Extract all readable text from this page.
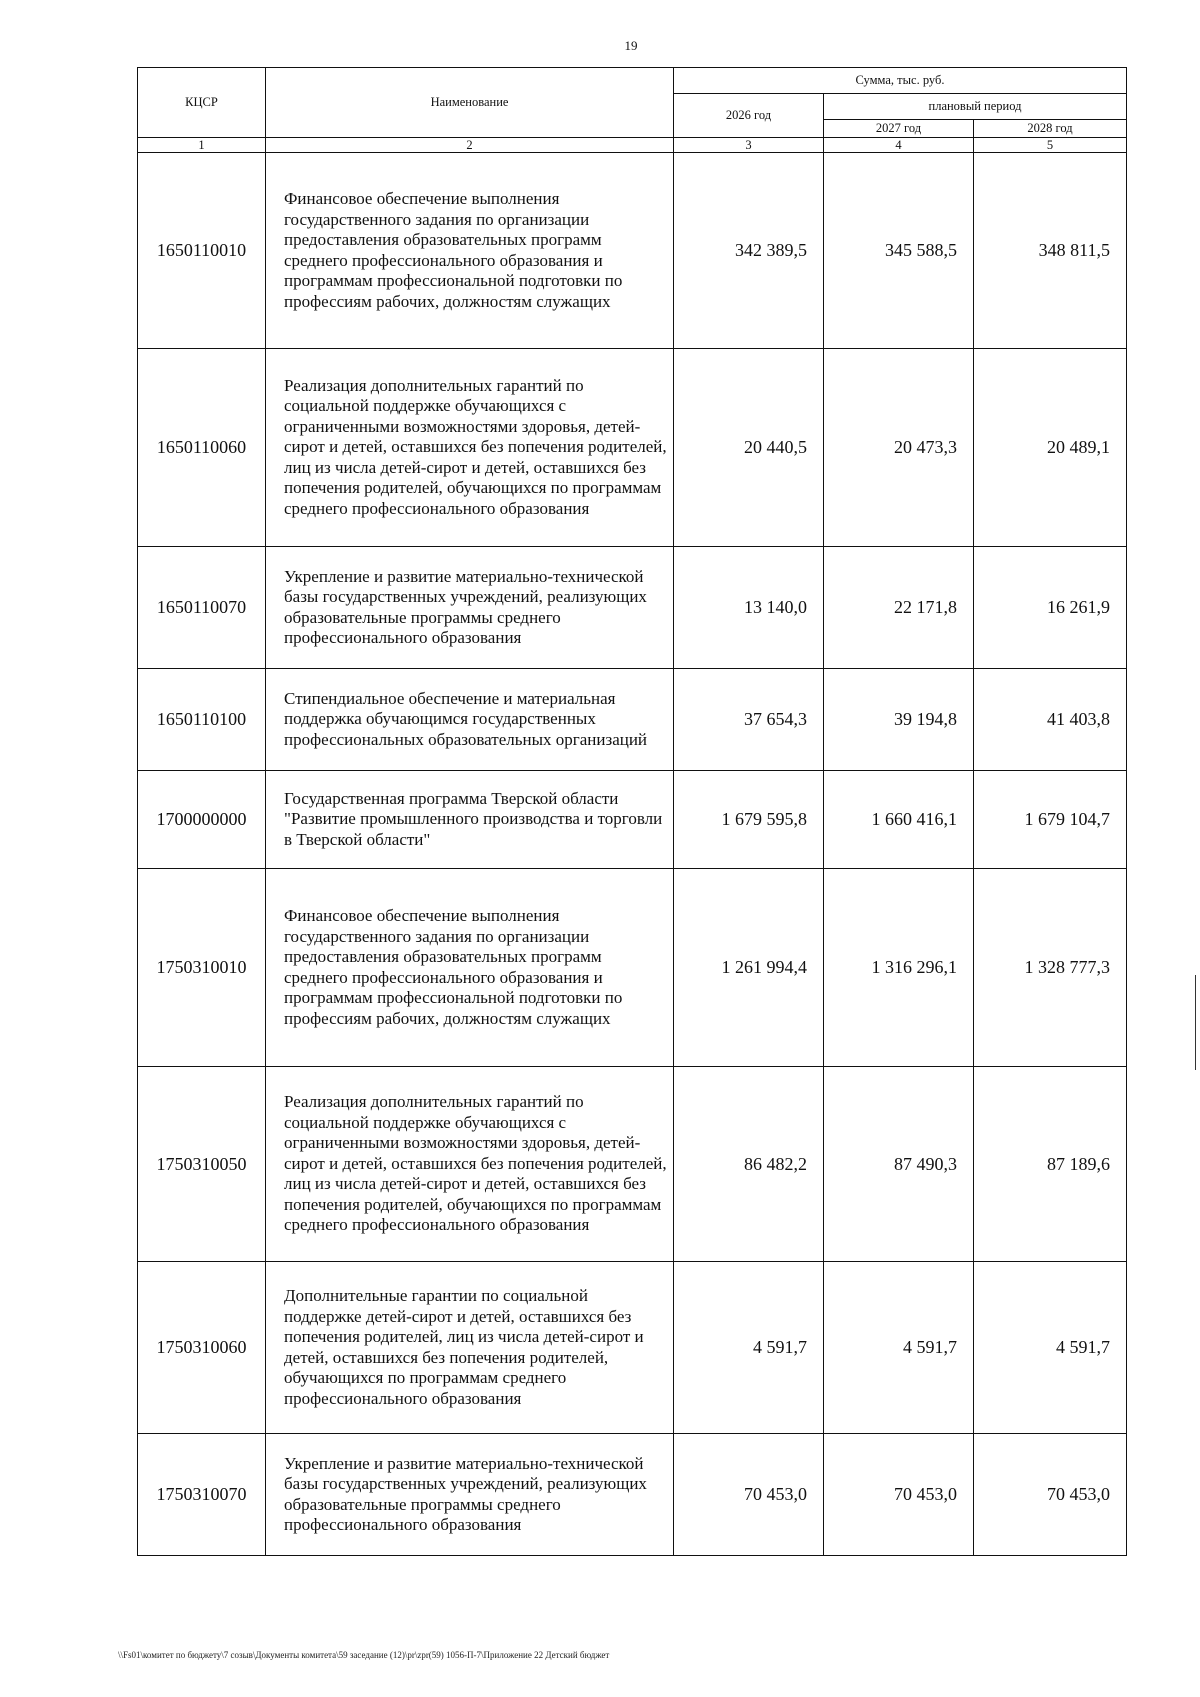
19
КЦСР	Наименование	Сумма, тыс. руб.		
		2026 год	плановый период	
			2027 год	2028 год
1	2	3	4	5
1650110010	Финансовое обеспечение выполнения государственного задания по организации предоставления образовательных программ среднего профессионального образования и программам профессиональной подготовки по профессиям рабочих, должностям служащих	342 389,5	345 588,5	348 811,5
1650110060	Реализация дополнительных гарантий по социальной поддержке обучающихся с ограниченными возможностями здоровья, детей-сирот и детей, оставшихся без попечения родителей, лиц из числа детей-сирот и детей, оставшихся без попечения родителей, обучающихся по программам среднего профессионального образования	20 440,5	20 473,3	20 489,1
1650110070	Укрепление и развитие материально-технической базы государственных учреждений, реализующих образовательные программы среднего профессионального образования	13 140,0	22 171,8	16 261,9
1650110100	Стипендиальное обеспечение и материальная поддержка обучающимся государственных профессиональных образовательных организаций	37 654,3	39 194,8	41 403,8
1700000000	Государственная программа Тверской области "Развитие промышленного производства и торговли в Тверской области"	1 679 595,8	1 660 416,1	1 679 104,7
1750310010	Финансовое обеспечение выполнения государственного задания по организации предоставления образовательных программ среднего профессионального образования и программам профессиональной подготовки по профессиям рабочих, должностям служащих	1 261 994,4	1 316 296,1	1 328 777,3
1750310050	Реализация дополнительных гарантий по социальной поддержке обучающихся с ограниченными возможностями здоровья, детей-сирот и детей, оставшихся без попечения родителей, лиц из числа детей-сирот и детей, оставшихся без попечения родителей, обучающихся по программам среднего профессионального образования	86 482,2	87 490,3	87 189,6
1750310060	Дополнительные гарантии по социальной поддержке детей-сирот и детей, оставшихся без попечения родителей, лиц из числа детей-сирот и детей, оставшихся без попечения родителей, обучающихся по программам среднего профессионального образования	4 591,7	4 591,7	4 591,7
1750310070	Укрепление и развитие материально-технической базы государственных учреждений, реализующих образовательные программы среднего профессионального образования	70 453,0	70 453,0	70 453,0
\\Fs01\комитет по бюджету\7 созыв\Документы комитета\59 заседание (12)\pr\zpr(59) 1056-П-7\Приложение 22 Детский бюджет
